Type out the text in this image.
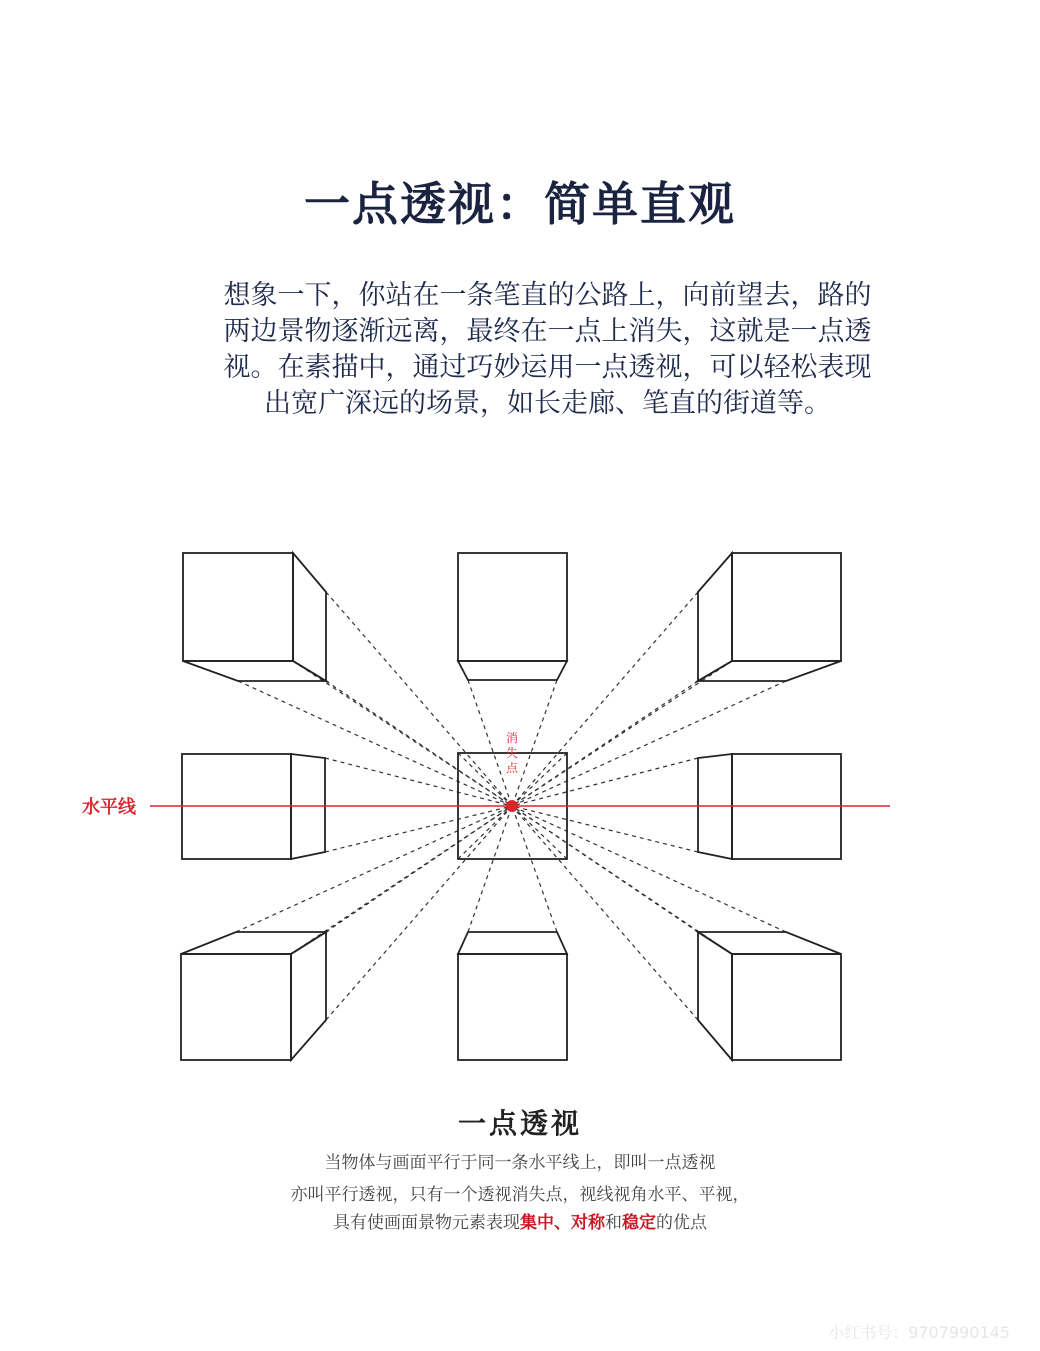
一点透视：简单直观
想象一下，你站在一条笔直的公路上，向前望去，路的
两边景物逐渐远离，最终在一点上消失，这就是一点透
视。在素描中，通过巧妙运用一点透视，可以轻松表现
出宽广深远的场景，如长走廊、笔直的街道等。
水平线
消失点
一点透视
当物体与画面平行于同一条水平线上，即叫一点透视
亦叫平行透视，只有一个透视消失点，视线视角水平、平视，
具有使画面景物元素表现集中、对称和稳定的优点
小红书号：9707990145
